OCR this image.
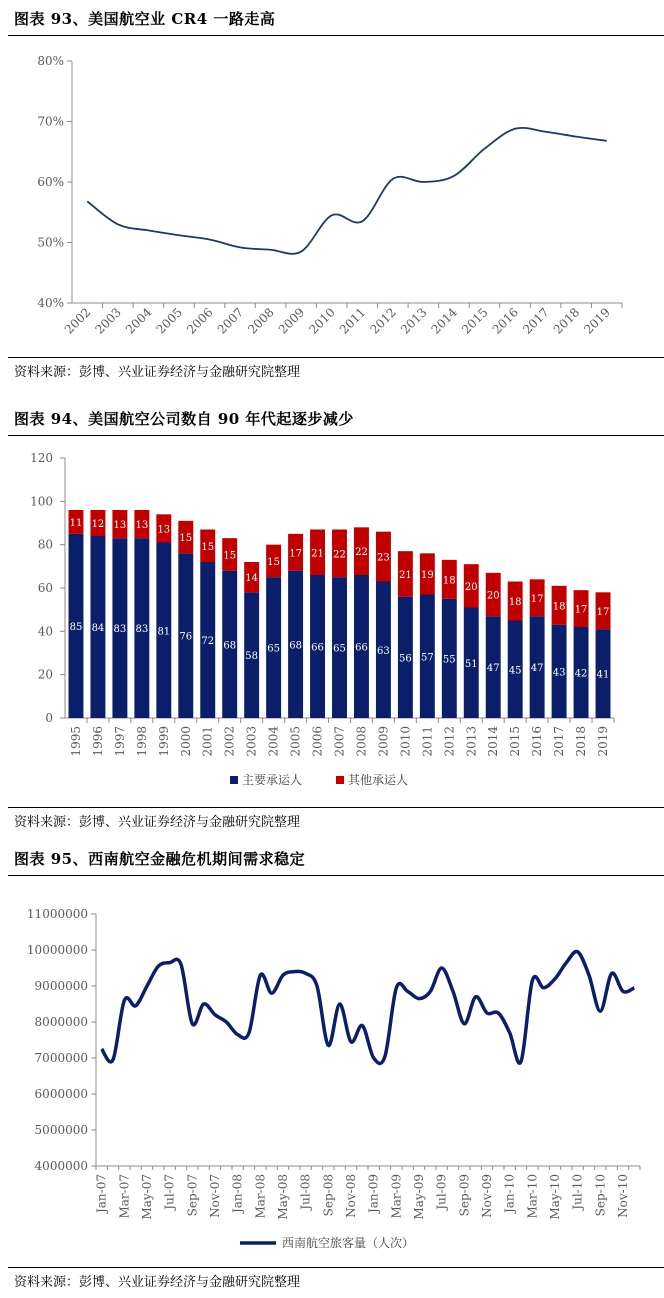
图表 93、美国航空业 CR4 一路走高
40%
50%
60%
70%
80%
2002 2003 2004 2005 2006 2007 2008 2009 2010 2011 2012 2013 2014 2015 2016 2017 2018 2019
资料来源：彭博、兴业证券经济与金融研究院整理
图表 94、美国航空公司数自 90 年代起逐步减少
0
20
40
60
80
100
120
85
11
1995
84
12
1996
83
13
1997
83
13
1998
81
13
1999
76
15
2000
72
15
2001
68
15
2002
58
14
2003
65
15
2004
68
17
2005
66
21
2006
65
22
2007
66
22
2008
63
23
2009
56
21
2010
57
19
2011
55
18
2012
51
20
2013
47
20
2014
45
18
2015
47
17
2016
43
18
2017
42
17
2018
41
17
2019
主要承运人	其他承运人
资料来源：彭博、兴业证券经济与金融研究院整理
图表 95、西南航空金融危机期间需求稳定
4000000
5000000
6000000
7000000
8000000
9000000
10000000
11000000
Jan-07 Mar-07 May-07 Jul-07 Sep-07 Nov-07 Jan-08 Mar-08 May-08 Jul-08 Sep-08 Nov-08 Jan-09 Mar-09 May-09 Jul-09 Sep-09 Nov-09 Jan-10 Mar-10 May-10 Jul-10 Sep-10 Nov-10
西南航空旅客量（人次）
资料来源：彭博、兴业证券经济与金融研究院整理
